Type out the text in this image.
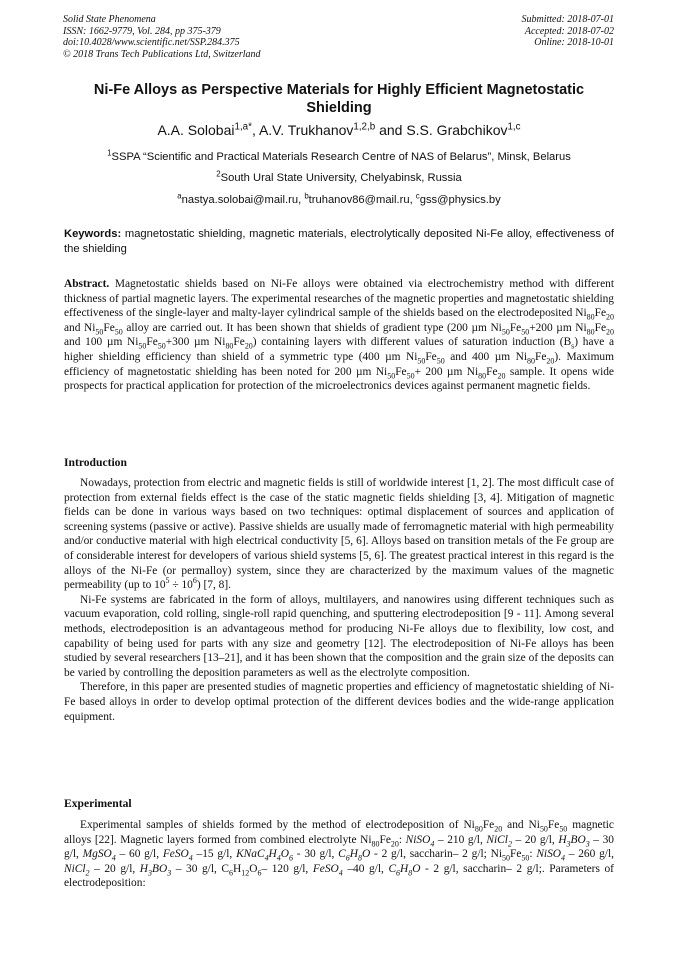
Solid State Phenomena
ISSN: 1662-9779, Vol. 284, pp 375-379
doi:10.4028/www.scientific.net/SSP.284.375
© 2018 Trans Tech Publications Ltd, Switzerland
Submitted: 2018-07-01
Accepted: 2018-07-02
Online: 2018-10-01
Ni-Fe Alloys as Perspective Materials for Highly Efficient Magnetostatic Shielding
A.A. Solobai$^{1,a*}$, A.V. Trukhanov$^{1,2,b}$ and S.S. Grabchikov$^{1,c}$
$^1$SSPA “Scientific and Practical Materials Research Centre of NAS of Belarus”, Minsk, Belarus
$^2$South Ural State University, Chelyabinsk, Russia
$^a$nastya.solobai@mail.ru, $^b$truhanov86@mail.ru, $^c$gss@physics.by
Keywords: magnetostatic shielding, magnetic materials, electrolytically deposited Ni-Fe alloy, effectiveness of the shielding

Abstract. Magnetostatic shields based on Ni-Fe alloys were obtained via electrochemistry method with different thickness of partial magnetic layers. The experimental researches of the magnetic properties and magnetostatic shielding effectiveness of the single-layer and malty-layer cylindrical sample of the shields based on the electrodeposited $Ni_{80}Fe_{20}$ and $Ni_{50}Fe_{50}$ alloy are carried out. It has been shown that shields of gradient type (200 µm $Ni_{50}Fe_{50}+200$ µm $Ni_{80}Fe_{20}$ and 100 µm $Ni_{50}Fe_{50}+300$ µm $Ni_{80}Fe_{20}$) containing layers with different values of saturation induction $(B_s)$ have a higher shielding efficiency than shield of a symmetric type (400 µm $Ni_{50}Fe_{50}$ and 400 µm $Ni_{80}Fe_{20}$). Maximum efficiency of magnetostatic shielding has been noted for 200 µm $Ni_{50}Fe_{50}+ 200$ µm $Ni_{80}Fe_{20}$ sample. It opens wide prospects for practical application for protection of the microelectronics devices against permanent magnetic fields.

Introduction

Nowadays, protection from electric and magnetic fields is still of worldwide interest [1, 2]. The most difficult case of protection from external fields effect is the case of the static magnetic fields shielding [3, 4]. Mitigation of magnetic fields can be done in various ways based on two techniques: optimal displacement of sources and application of screening systems (passive or active). Passive shields are usually made of ferromagnetic material with high permeability and/or conductive material with high electrical conductivity [5, 6]. Alloys based on transition metals of the Fe group are of considerable interest for developers of various shield systems [5, 6]. The greatest practical interest in this regard is the alloys of the Ni-Fe (or permalloy) system, since they are characterized by the maximum values of the magnetic permeability (up to $10^5 \div 10^6$) [7, 8].

Ni-Fe systems are fabricated in the form of alloys, multilayers, and nanowires using different techniques such as vacuum evaporation, cold rolling, single-roll rapid quenching, and sputtering electrodeposition [9 - 11]. Among several methods, electrodeposition is an advantageous method for producing Ni-Fe alloys due to flexibility, low cost, and capability of being used for parts with any size and geometry [12]. The electrodeposition of Ni-Fe alloys has been studied by several researchers [13–21], and it has been shown that the composition and the grain size of the deposits can be varied by controlling the deposition parameters as well as the electrolyte composition.

Therefore, in this paper are presented studies of magnetic properties and efficiency of magnetostatic shielding of Ni-Fe based alloys in order to develop optimal protection of the different devices bodies and the wide-range application equipment.

Experimental

Experimental samples of shields formed by the method of electrodeposition of $Ni_{80}Fe_{20}$ and $Ni_{50}Fe_{50}$ magnetic alloys [22]. Magnetic layers formed from combined electrolyte $Ni_{80}Fe_{20}$: NiSO$_4$ – 210 g/l, NiCl$_2$ – 20 g/l, $H_3BO_3 - 30$ g/l, MgSO$_4$ – 60 g/l, FeSO$_4$ –15 g/l, $KNaC_4H_4O_6 - 30$ g/l, $C_6H_8O - 2$ g/l, saccharin– 2 g/l; $Ni_{50}Fe_{50}$: NiSO$_4$ – 260 g/l, NiCl$_2$ – 20 g/l, $H_3BO_3 - 30$ g/l, $C_6H_{12}O_6-$ 120 g/l, FeSO$_4$ –40 g/l, $C_6H_8O - 2$ g/l, saccharin– 2 g/l;. Parameters of electrodeposition:
